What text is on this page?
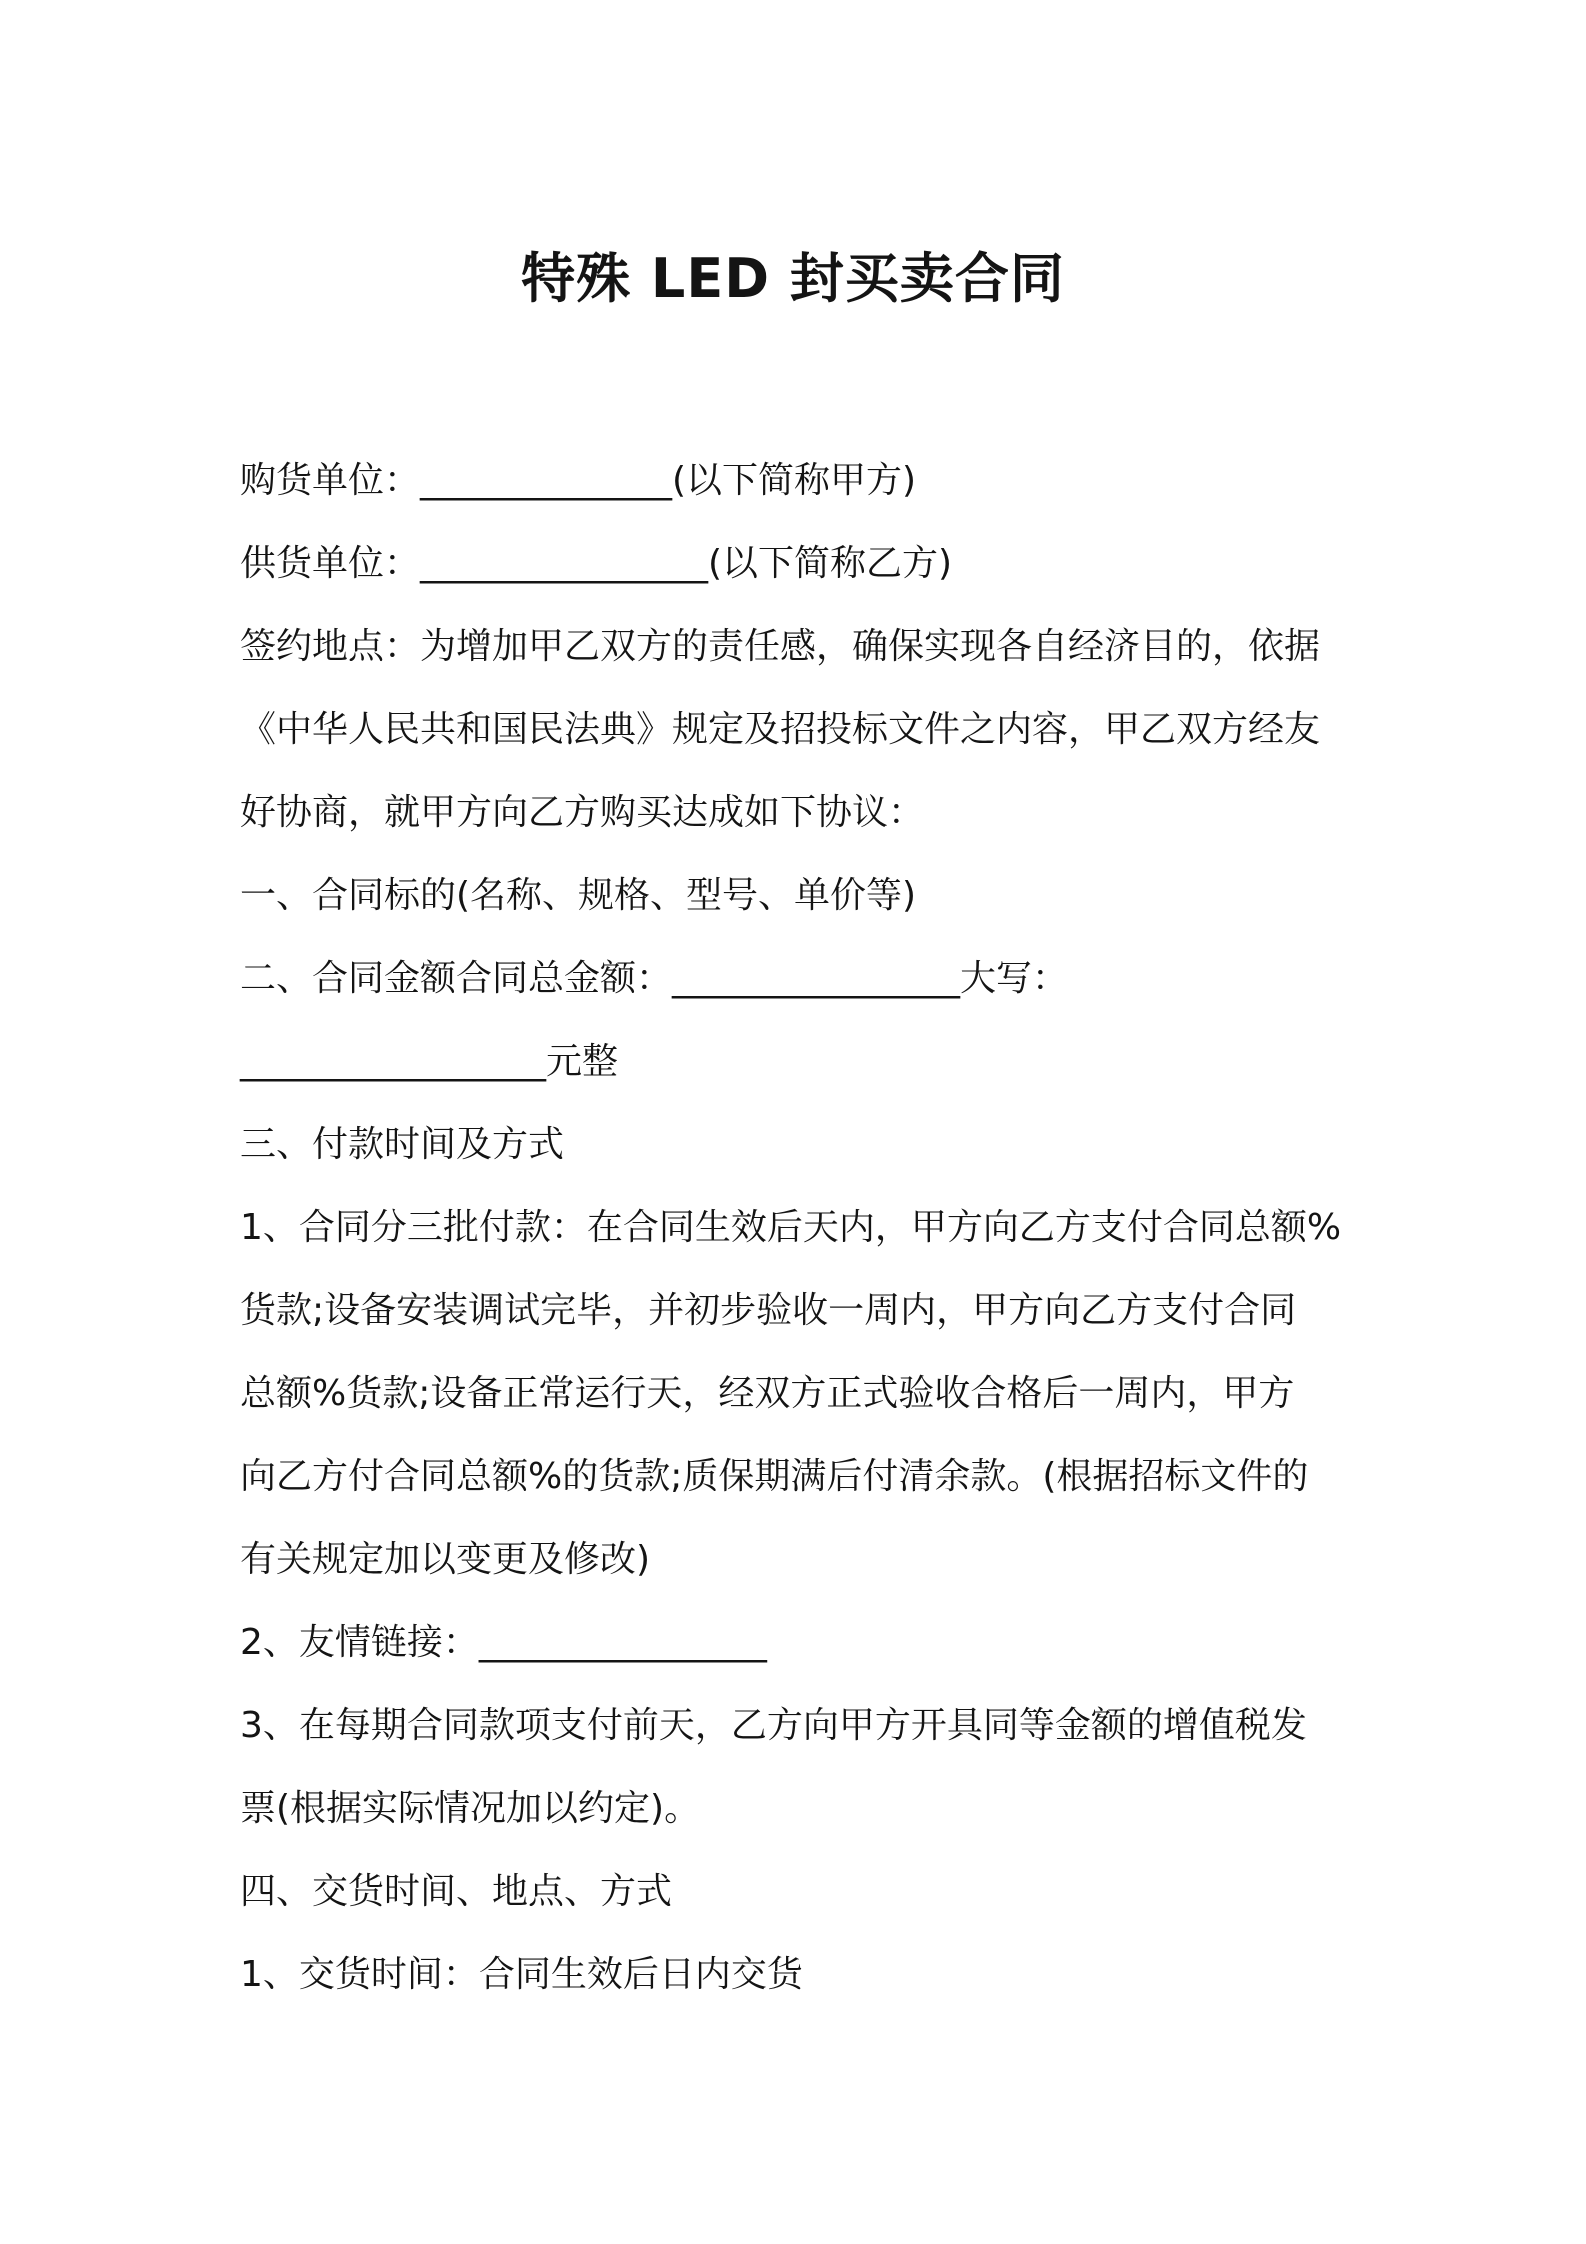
特殊 LED 封买卖合同

购货单位：______________(以下简称甲方)

供货单位：________________(以下简称乙方)

签约地点：为增加甲乙双方的责任感，确保实现各自经济目的，依据

《中华人民共和国民法典》规定及招投标文件之内容，甲乙双方经友

好协商，就甲方向乙方购买达成如下协议：

一、合同标的(名称、规格、型号、单价等)

二、合同金额合同总金额：________________大写：

_________________元整

三、付款时间及方式

1、合同分三批付款：在合同生效后天内，甲方向乙方支付合同总额%

货款;设备安装调试完毕，并初步验收一周内，甲方向乙方支付合同

总额%货款;设备正常运行天，经双方正式验收合格后一周内，甲方

向乙方付合同总额%的货款;质保期满后付清余款。(根据招标文件的

有关规定加以变更及修改)

2、友情链接：________________

3、在每期合同款项支付前天，乙方向甲方开具同等金额的增值税发

票(根据实际情况加以约定)。

四、交货时间、地点、方式

1、交货时间：合同生效后日内交货
